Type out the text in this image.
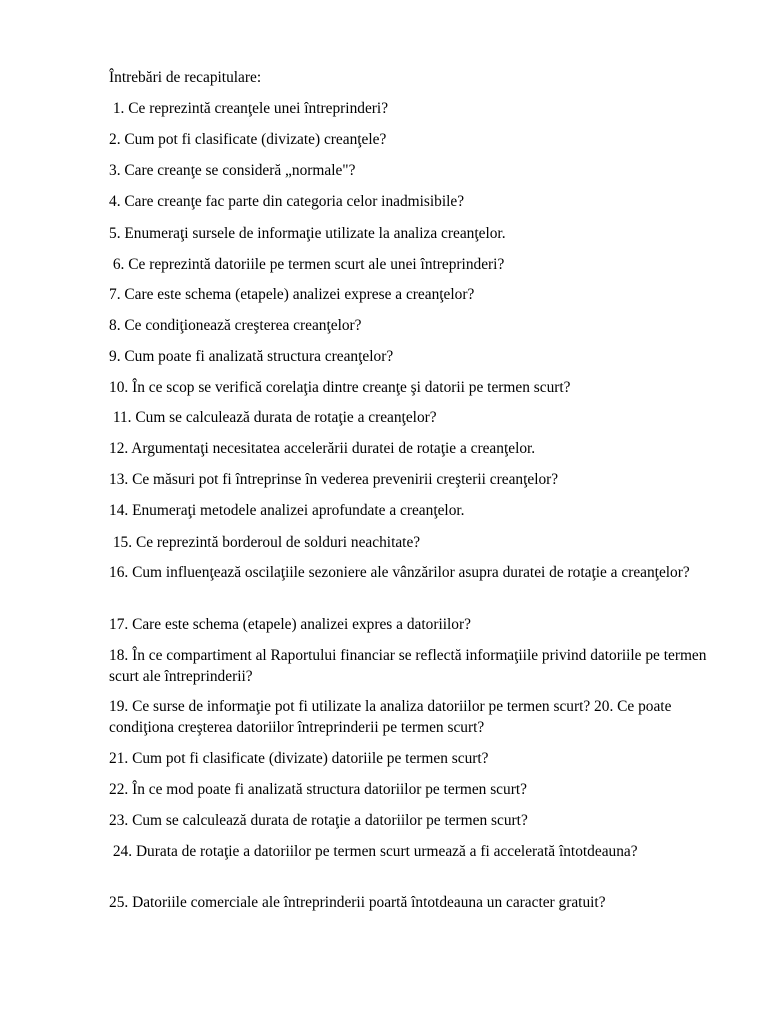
Întrebări de recapitulare:
1. Ce reprezintă creanţele unei întreprinderi?
2. Cum pot fi clasificate (divizate) creanţele?
3. Care creanţe se consideră „normale"?
4. Care creanţe fac parte din categoria celor inadmisibile?
5. Enumeraţi sursele de informaţie utilizate la analiza creanţelor.
6. Ce reprezintă datoriile pe termen scurt ale unei întreprinderi?
7. Care este schema (etapele) analizei exprese a creanţelor?
8. Ce condiţionează creşterea creanţelor?
9. Cum poate fi analizată structura creanţelor?
10. În ce scop se verifică corelaţia dintre creanţe şi datorii pe termen scurt?
11. Cum se calculează durata de rotaţie a creanţelor?
12. Argumentaţi necesitatea accelerării duratei de rotaţie a creanţelor.
13. Ce măsuri pot fi întreprinse în vederea prevenirii creşterii creanţelor?
14. Enumeraţi metodele analizei aprofundate a creanţelor.
15. Ce reprezintă borderoul de solduri neachitate?
16. Cum influenţează oscilaţiile sezoniere ale vânzărilor asupra duratei de rotaţie a creanţelor?
17. Care este schema (etapele) analizei expres a datoriilor?
18. În ce compartiment al Raportului financiar se reflectă informaţiile privind datoriile pe termen scurt ale întreprinderii?
19. Ce surse de informaţie pot fi utilizate la analiza datoriilor pe termen scurt? 20. Ce poate condiţiona creşterea datoriilor întreprinderii pe termen scurt?
21. Cum pot fi clasificate (divizate) datoriile pe termen scurt?
22. În ce mod poate fi analizată structura datoriilor pe termen scurt?
23. Cum se calculează durata de rotaţie a datoriilor pe termen scurt?
24. Durata de rotaţie a datoriilor pe termen scurt urmează a fi accelerată întotdeauna?
25. Datoriile comerciale ale întreprinderii poartă întotdeauna un caracter gratuit?
